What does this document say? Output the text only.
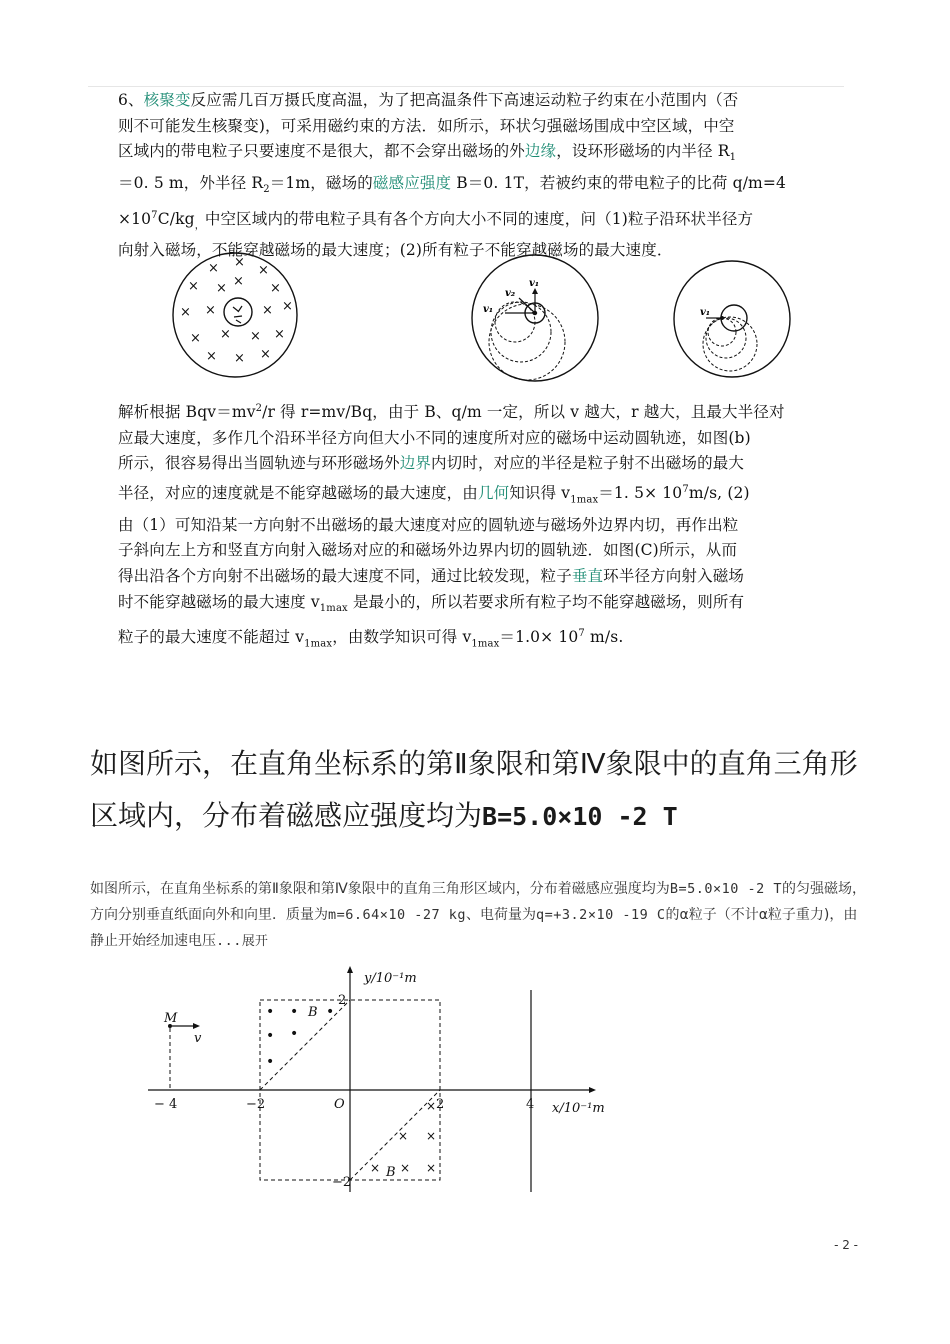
6、核聚变反应需几百万摄氏度高温，为了把高温条件下高速运动粒子约束在小范围内（否
则不可能发生核聚变)，可采用磁约束的方法．如所示，环状匀强磁场围成中空区域，中空
区域内的带电粒子只要速度不是很大，都不会穿出磁场的外边缘，设环形磁场的内半径 $R_1$
＝0. 5 m，外半径 $R_2=1m$，磁场的磁感应强度 B＝0. 1T，若被约束的带电粒子的比荷 q/m=4
$\times 10^7C/kg_,$中空区域内的带电粒子具有各个方向大小不同的速度，问（1)粒子沿环状半径方
向射入磁场，不能穿越磁场的最大速度；(2)所有粒子不能穿越磁场的最大速度．
× ×
×
× × × ×
× ×	× ×
× × × ×
× × ×
v₁
v₂
v₁	v₁
解析根据 $Bqv=mv^2/r$ 得 r=mv/Bq，由于 B、q/m 一定，所以 v 越大，r 越大，且最大半径对
应最大速度，多作几个沿环半径方向但大小不同的速度所对应的磁场中运动圆轨迹，如图(b)
所示，很容易得出当圆轨迹与环形磁场外边界内切时，对应的半径是粒子射不出磁场的最大
半径，对应的速度就是不能穿越磁场的最大速度，由几何知识得 $v_{1max}=1$. $5\times 10^7m/s$, (2)
由（1）可知沿某一方向射不出磁场的最大速度对应的圆轨迹与磁场外边界内切，再作出粒
子斜向左上方和竖直方向射入磁场对应的和磁场外边界内切的圆轨迹．如图(C)所示，从而
得出沿各个方向射不出磁场的最大速度不同，通过比较发现，粒子垂直环半径方向射入磁场
时不能穿越磁场的最大速度 $v_{1max}$ 是最小的，所以若要求所有粒子均不能穿越磁场，则所有
粒子的最大速度不能超过 $v_{1max}$，由数学知识可得 $v_{1max}=1.0\times 10^7$ m/s.
如图所示，在直角坐标系的第Ⅱ象限和第Ⅳ象限中的直角三角形区域内，分布着磁感应强度均为B=5.0×10 -2 T
如图所示，在直角坐标系的第Ⅱ象限和第Ⅳ象限中的直角三角形区域内，分布着磁感应强度均为B=5.0×10 -2 T的匀强磁场，方向分别垂直纸面向外和向里．质量为m=6.64×10 -27 kg、电荷量为q=+3.2×10 -19 C的α粒子（不计α粒子重力)，由静止开始经加速电压...展开
y/10⁻¹m
x/10⁻¹m
O
− 4	−2	2	4
2
−2
M
v
B
B
• • •
• •
•
×
×
×
×
× ×
- 2 -
